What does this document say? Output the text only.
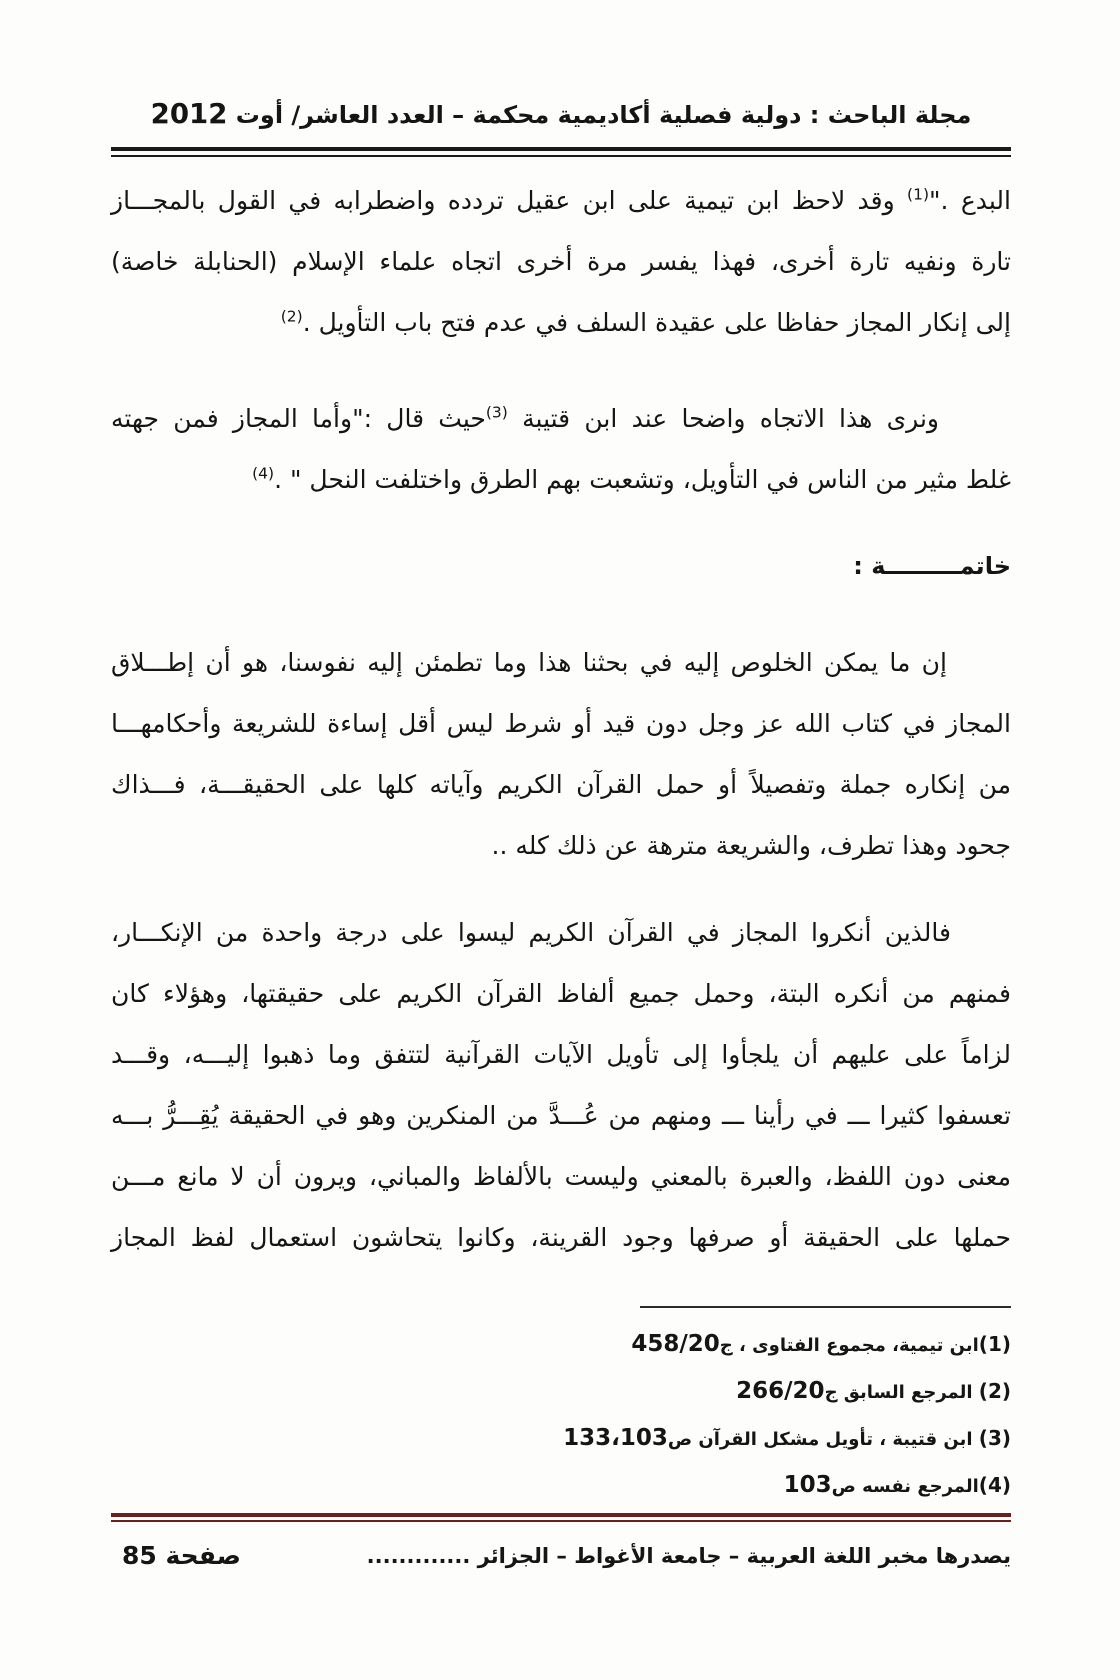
مجلة الباحث : دولية فصلية أكاديمية محكمة – العدد العاشر/ أوت 2012
البدع ."$^{(1)}$ وقد لاحظ ابن تيمية على ابن عقيل تردده واضطرابه في القول بالمجـــاز
تارة ونفيه تارة أخرى، فهذا يفسر مرة أخرى اتجاه علماء الإسلام (الحنابلة خاصة)
إلى إنكار المجاز حفاظا على عقيدة السلف في عدم فتح باب التأويل .$^{(2)}$
ونرى هذا الاتجاه واضحا عند ابن قتيبة $^{(3)}$حيث قال :"وأما المجاز فمن جهته
غلط مثير من الناس في التأويل، وتشعبت بهم الطرق واختلفت النحل " .$^{(4)}$
خاتمـــــــــة :
إن ما يمكن الخلوص إليه في بحثنا هذا وما تطمئن إليه نفوسنا، هو أن إطـــلاق
المجاز في كتاب الله عز وجل دون قيد أو شرط ليس أقل إساءة للشريعة وأحكامهـــا
من إنكاره جملة وتفصيلاً أو حمل القرآن الكريم وآياته كلها على الحقيقـــة، فـــذاك
جحود وهذا تطرف، والشريعة مترهة عن ذلك كله ..
فالذين أنكروا المجاز في القرآن الكريم ليسوا على درجة واحدة من الإنكـــار،
فمنهم من أنكره البتة، وحمل جميع ألفاظ القرآن الكريم على حقيقتها، وهؤلاء كان
لزاماً على عليهم أن يلجأوا إلى تأويل الآيات القرآنية لتتفق وما ذهبوا إليـــه، وقـــد
تعسفوا كثيرا ـــ في رأينا ـــ ومنهم من عُـــدَّ من المنكرين وهو في الحقيقة يُقِـــرُّ بـــه
معنى دون اللفظ، والعبرة بالمعني وليست بالألفاظ والمباني، ويرون أن لا مانع مـــن
حملها على الحقيقة أو صرفها وجود القرينة، وكانوا يتحاشون استعمال لفظ المجاز
(1)ابن تيمية، مجموع الفتاوى ، ج458/20
(2) المرجع السابق ج266/20
(3) ابن قتيبة ، تأويل مشكل القرآن ص133،103
(4)المرجع نفسه ص103
يصدرها مخبر اللغة العربية – جامعة الأغواط – الجزائر .............
صفحة 85
